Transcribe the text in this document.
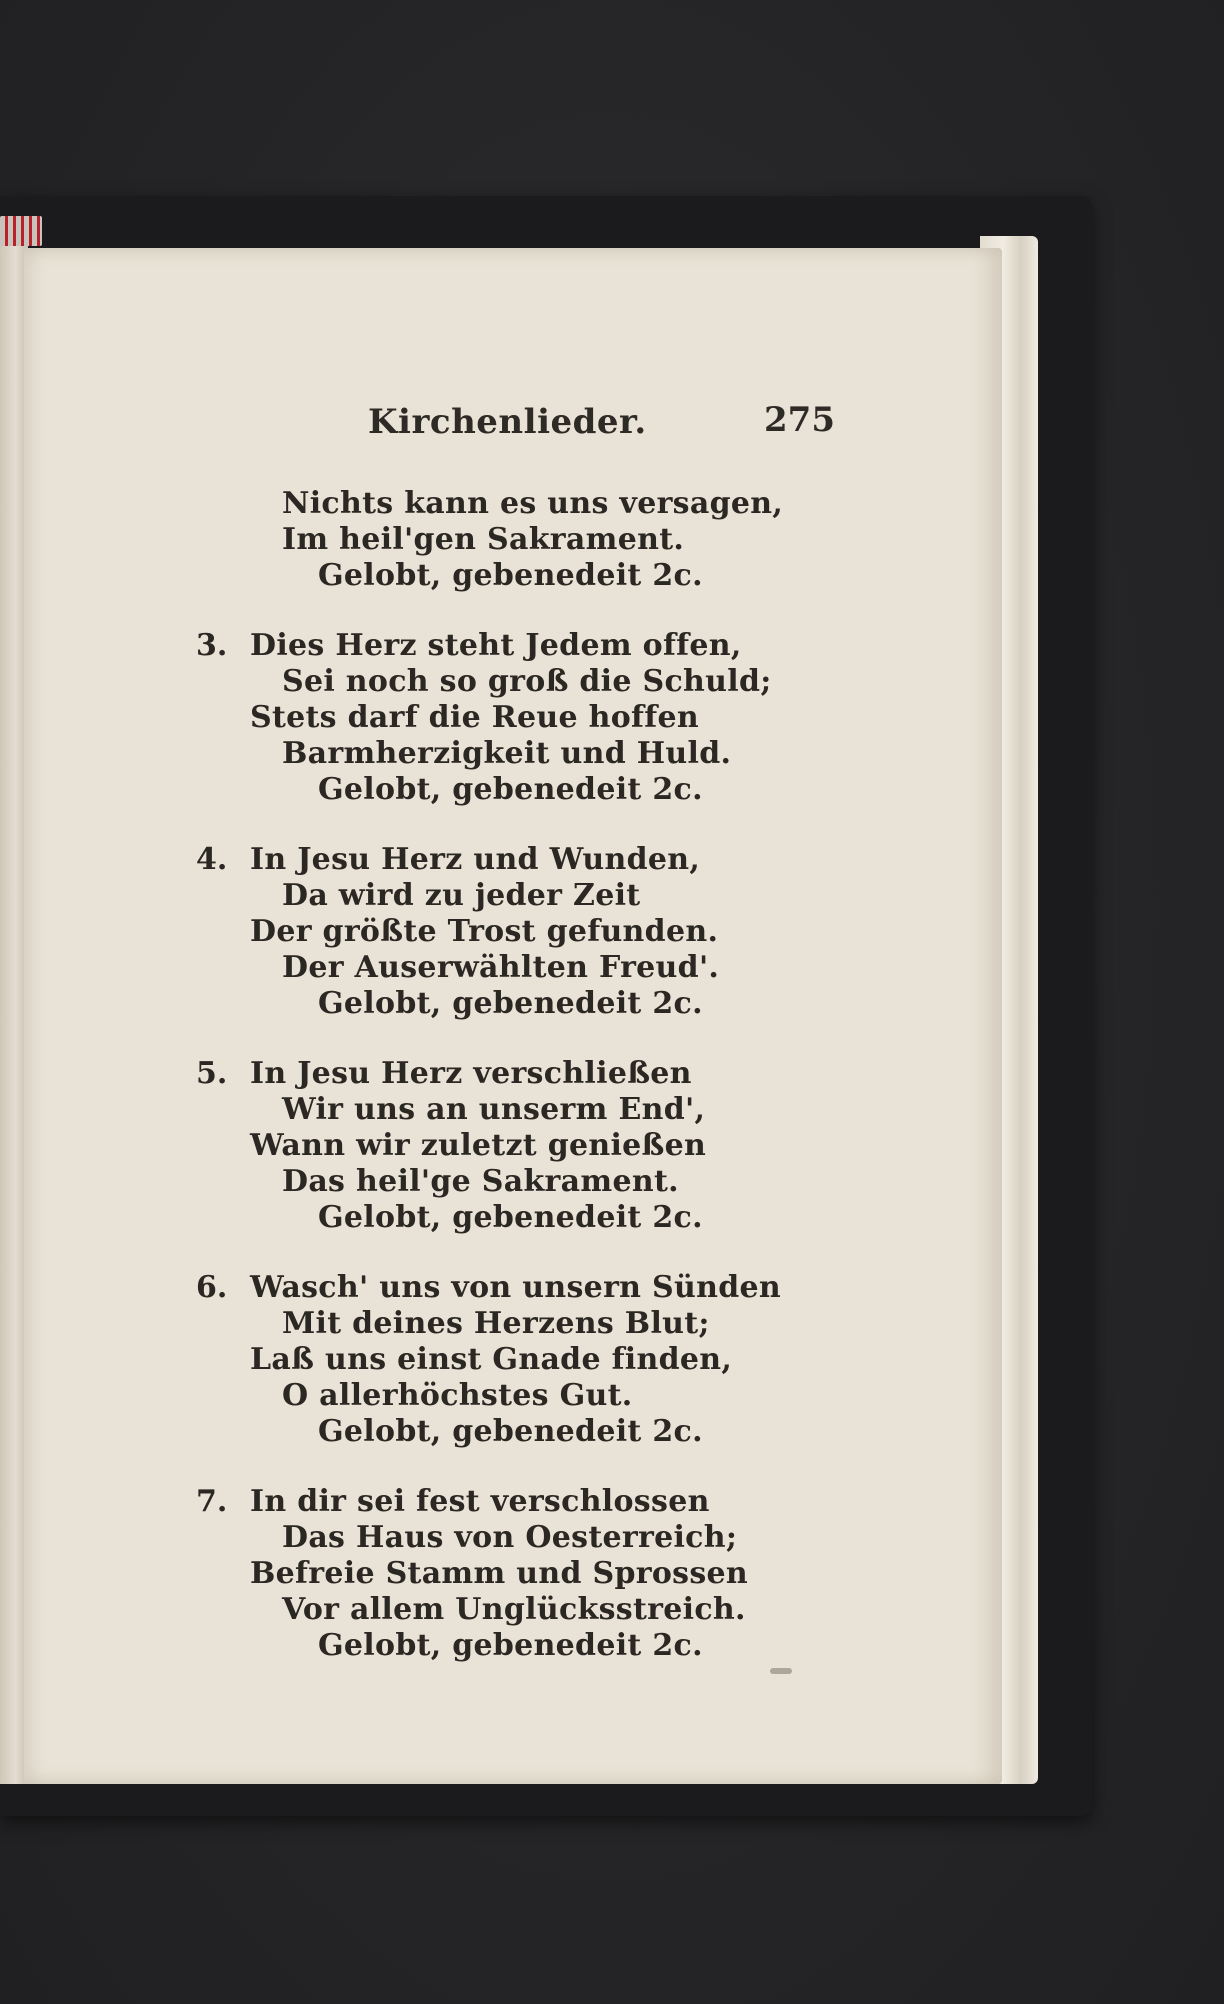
Kirchenlieder.	275
Nichts kann es uns versagen,
Im heil'gen Sakrament.
Gelobt, gebenedeit 2c.
3. Dies Herz steht Jedem offen,
Sei noch so groß die Schuld;
Stets darf die Reue hoffen
Barmherzigkeit und Huld.
Gelobt, gebenedeit 2c.
4. In Jesu Herz und Wunden,
Da wird zu jeder Zeit
Der größte Trost gefunden.
Der Auserwählten Freud'.
Gelobt, gebenedeit 2c.
5. In Jesu Herz verschließen
Wir uns an unserm End',
Wann wir zuletzt genießen
Das heil'ge Sakrament.
Gelobt, gebenedeit 2c.
6. Wasch' uns von unsern Sünden
Mit deines Herzens Blut;
Laß uns einst Gnade finden,
O allerhöchstes Gut.
Gelobt, gebenedeit 2c.
7. In dir sei fest verschlossen
Das Haus von Oesterreich;
Befreie Stamm und Sprossen
Vor allem Unglücksstreich.
Gelobt, gebenedeit 2c.
